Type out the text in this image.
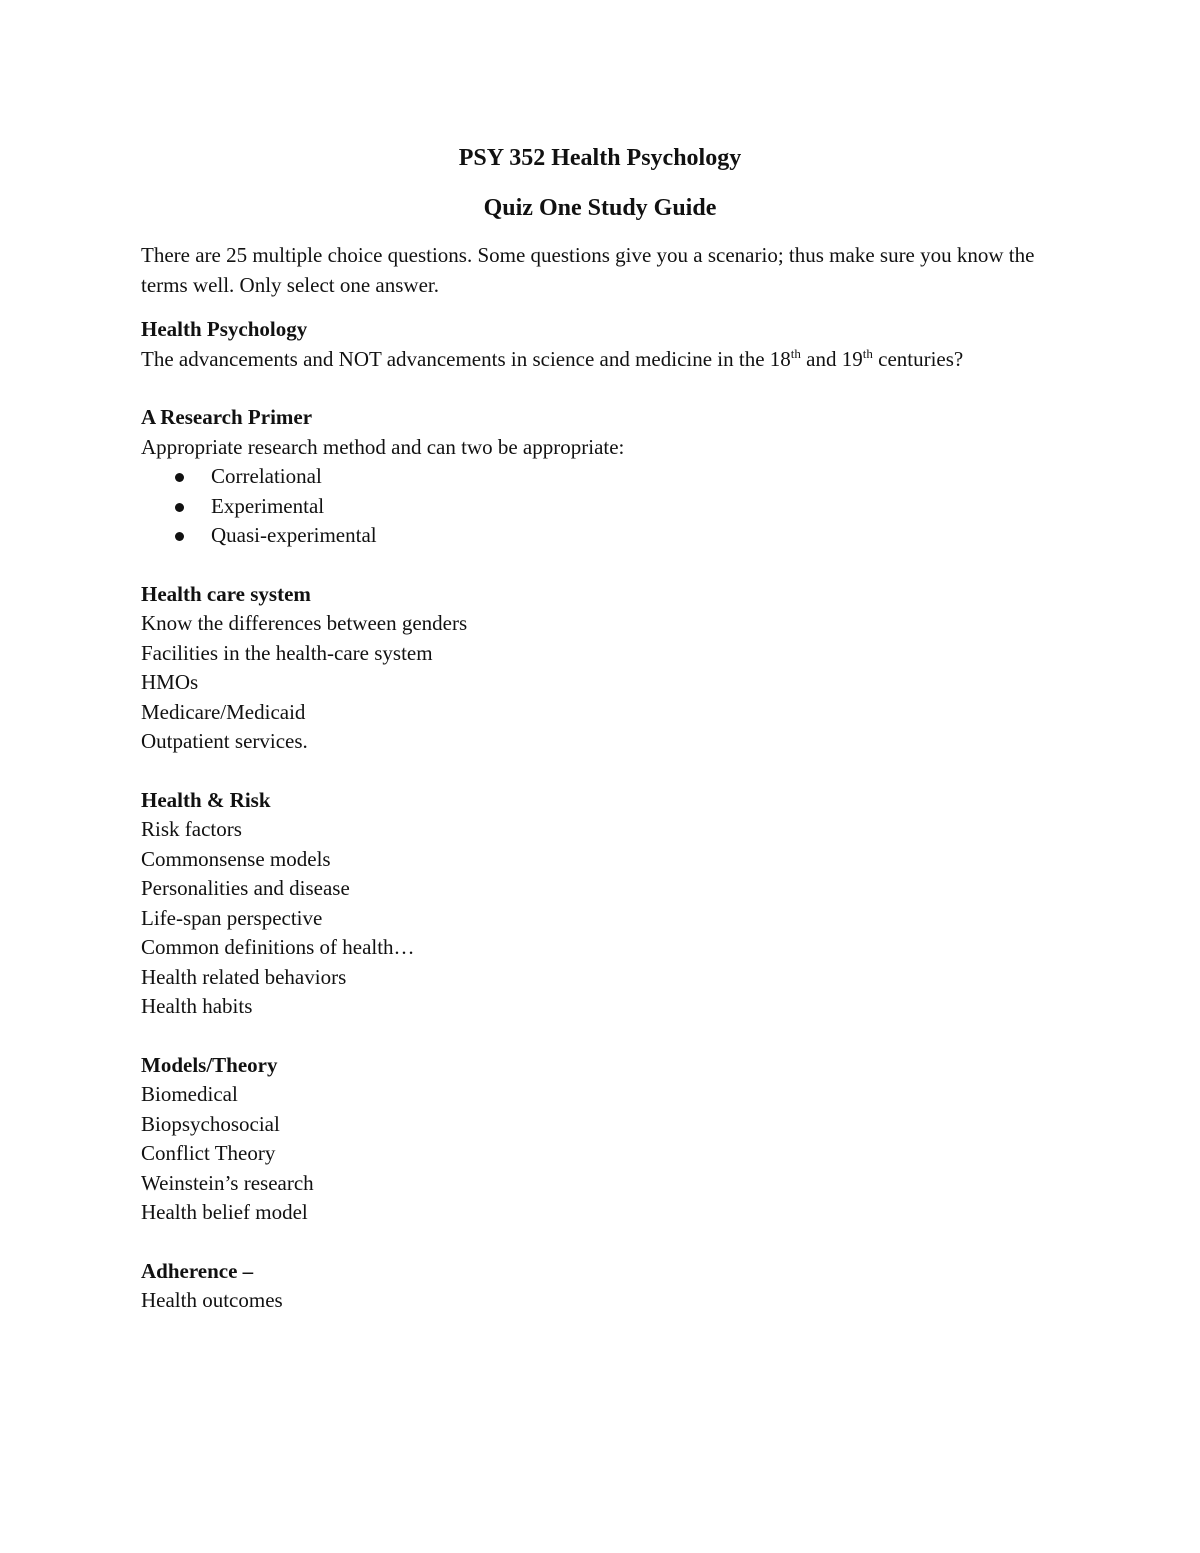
PSY 352 Health Psychology
Quiz One Study Guide

There are 25 multiple choice questions. Some questions give you a scenario; thus make sure you know the terms well. Only select one answer.

Health Psychology

The advancements and NOT advancements in science and medicine in the 18th and 19th centuries?

A Research Primer

Appropriate research method and can two be appropriate:

Correlational
Experimental
Quasi-experimental

Health care system

Know the differences between genders

Facilities in the health-care system

HMOs

Medicare/Medicaid

Outpatient services.

Health & Risk

Risk factors

Commonsense models

Personalities and disease

Life-span perspective

Common definitions of health…

Health related behaviors

Health habits

Models/Theory

Biomedical

Biopsychosocial

Conflict Theory

Weinstein’s research

Health belief model

Adherence –

Health outcomes
